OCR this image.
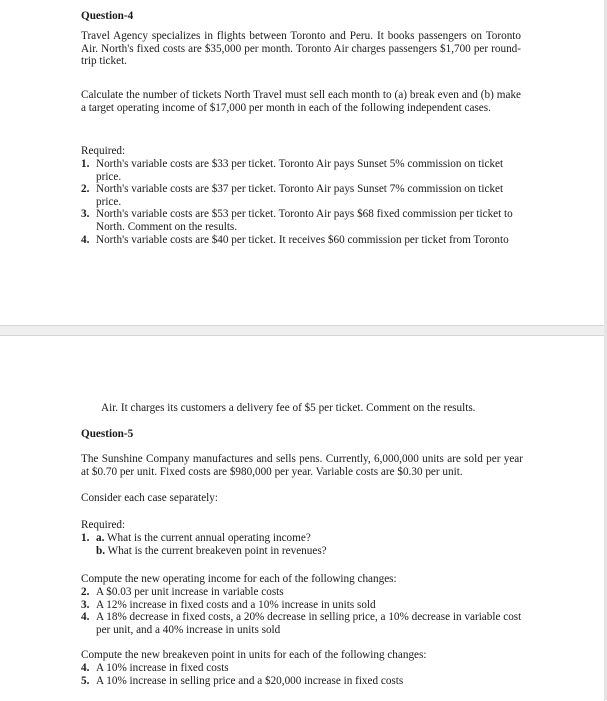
Question-4
Travel Agency specializes in flights between Toronto and Peru. It books passengers on Toronto Air. North's fixed costs are $35,000 per month. Toronto Air charges passengers $1,700 per round-trip ticket.
Calculate the number of tickets North Travel must sell each month to (a) break even and (b) make a target operating income of $17,000 per month in each of the following independent cases.
Required:
1. North's variable costs are $33 per ticket. Toronto Air pays Sunset 5% commission on ticket price.
2. North's variable costs are $37 per ticket. Toronto Air pays Sunset 7% commission on ticket price.
3. North's variable costs are $53 per ticket. Toronto Air pays $68 fixed commission per ticket to North. Comment on the results.
4. North's variable costs are $40 per ticket. It receives $60 commission per ticket from Toronto
Air. It charges its customers a delivery fee of $5 per ticket. Comment on the results.
Question-5
The Sunshine Company manufactures and sells pens. Currently, 6,000,000 units are sold per year at $0.70 per unit. Fixed costs are $980,000 per year. Variable costs are $0.30 per unit.
Consider each case separately:
Required:
1. a. What is the current annual operating income?
b. What is the current breakeven point in revenues?
Compute the new operating income for each of the following changes:
2. A $0.03 per unit increase in variable costs
3. A 12% increase in fixed costs and a 10% increase in units sold
4. A 18% decrease in fixed costs, a 20% decrease in selling price, a 10% decrease in variable cost per unit, and a 40% increase in units sold
Compute the new breakeven point in units for each of the following changes:
4. A 10% increase in fixed costs
5. A 10% increase in selling price and a $20,000 increase in fixed costs
